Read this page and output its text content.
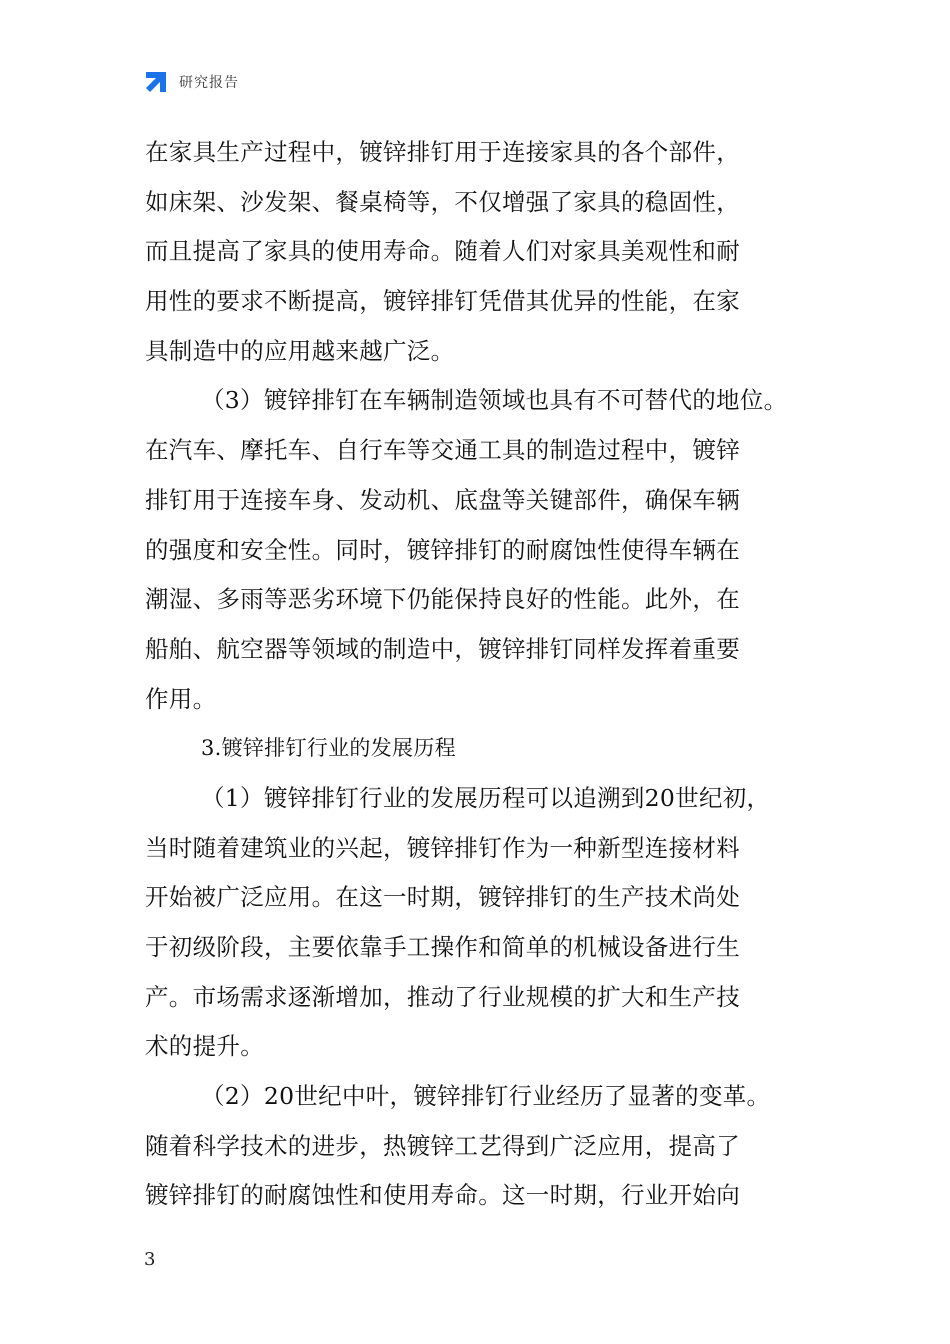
研究报告
在家具生产过程中，镀锌排钉用于连接家具的各个部件，
如床架、沙发架、餐桌椅等，不仅增强了家具的稳固性，
而且提高了家具的使用寿命。随着人们对家具美观性和耐
用性的要求不断提高，镀锌排钉凭借其优异的性能，在家
具制造中的应用越来越广泛。
（3）镀锌排钉在车辆制造领域也具有不可替代的地位。
在汽车、摩托车、自行车等交通工具的制造过程中，镀锌
排钉用于连接车身、发动机、底盘等关键部件，确保车辆
的强度和安全性。同时，镀锌排钉的耐腐蚀性使得车辆在
潮湿、多雨等恶劣环境下仍能保持良好的性能。此外，在
船舶、航空器等领域的制造中，镀锌排钉同样发挥着重要
作用。
3.镀锌排钉行业的发展历程
（1）镀锌排钉行业的发展历程可以追溯到20世纪初，
当时随着建筑业的兴起，镀锌排钉作为一种新型连接材料
开始被广泛应用。在这一时期，镀锌排钉的生产技术尚处
于初级阶段，主要依靠手工操作和简单的机械设备进行生
产。市场需求逐渐增加，推动了行业规模的扩大和生产技
术的提升。
（2）20世纪中叶，镀锌排钉行业经历了显著的变革。
随着科学技术的进步，热镀锌工艺得到广泛应用，提高了
镀锌排钉的耐腐蚀性和使用寿命。这一时期，行业开始向
3
